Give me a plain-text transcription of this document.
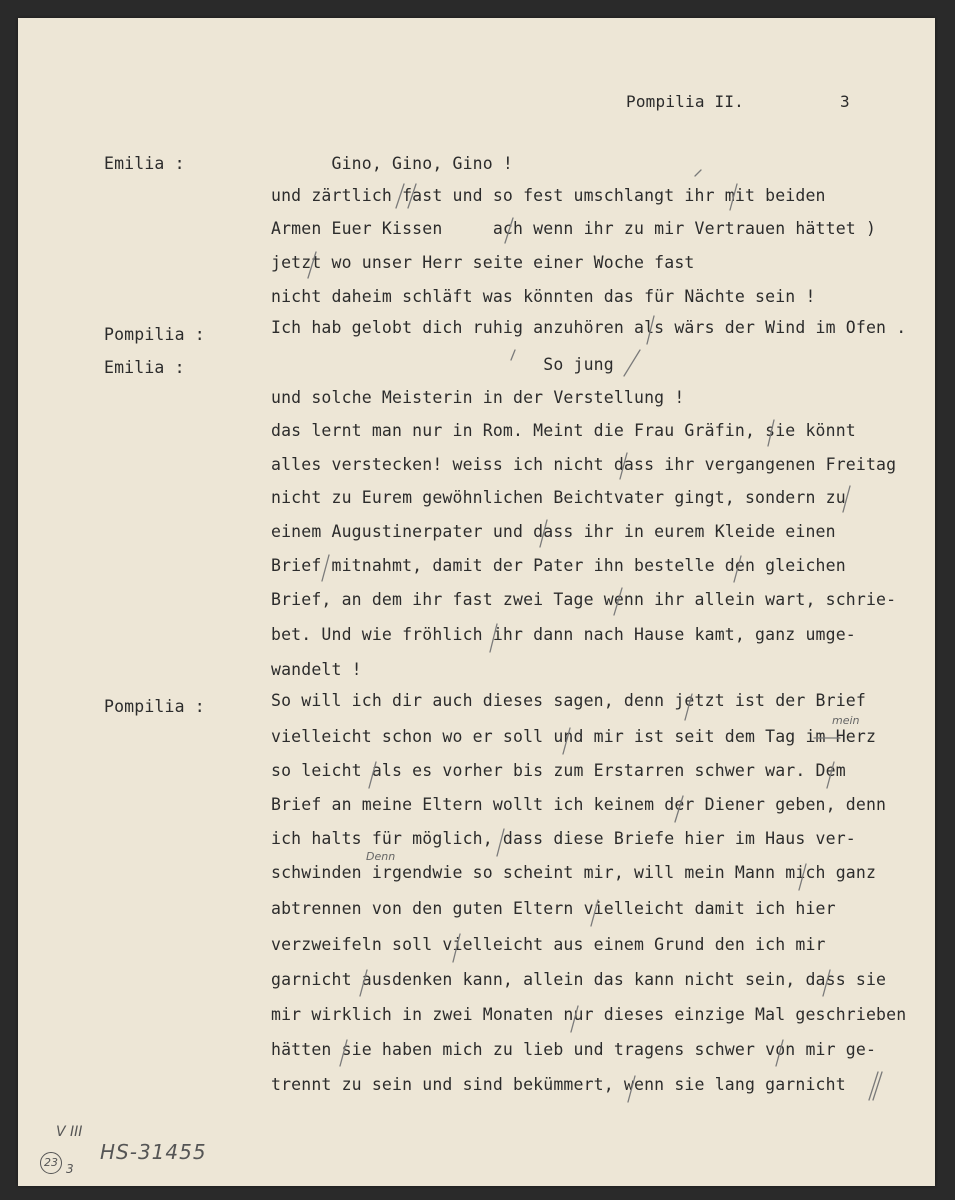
Pompilia II.	3
Emilia :
Pompilia :
Emilia :
Pompilia :
Gino, Gino, Gino !
und zärtlich fast und so fest umschlangt ihr mit beiden
Armen Euer Kissen     ach wenn ihr zu mir Vertrauen hättet )
jetzt wo unser Herr seite einer Woche fast
nicht daheim schläft was könnten das für Nächte sein !
Ich hab gelobt dich ruhig anzuhören als wärs der Wind im Ofen .
So jung
und solche Meisterin in der Verstellung !
das lernt man nur in Rom. Meint die Frau Gräfin, sie könnt
alles verstecken! weiss ich nicht dass ihr vergangenen Freitag
nicht zu Eurem gewöhnlichen Beichtvater gingt, sondern zu
einem Augustinerpater und dass ihr in eurem Kleide einen
Brief mitnahmt, damit der Pater ihn bestelle den gleichen
Brief, an dem ihr fast zwei Tage wenn ihr allein wart, schrie-
bet. Und wie fröhlich ihr dann nach Hause kamt, ganz umge-
wandelt !
So will ich dir auch dieses sagen, denn jetzt ist der Brief
vielleicht schon wo er soll und mir ist seit dem Tag im Herz
so leicht als es vorher bis zum Erstarren schwer war. Dem
Brief an meine Eltern wollt ich keinem der Diener geben, denn
ich halts für möglich, dass diese Briefe hier im Haus ver-
schwinden irgendwie so scheint mir, will mein Mann mich ganz
abtrennen von den guten Eltern vielleicht damit ich hier
verzweifeln soll vielleicht aus einem Grund den ich mir
garnicht ausdenken kann, allein das kann nicht sein, dass sie
mir wirklich in zwei Monaten nur dieses einzige Mal geschrieben
hätten sie haben mich zu lieb und tragens schwer von mir ge-
trennt zu sein und sind bekümmert, wenn sie lang garnicht
mein
Denn
V III
23 3
HS-31455
